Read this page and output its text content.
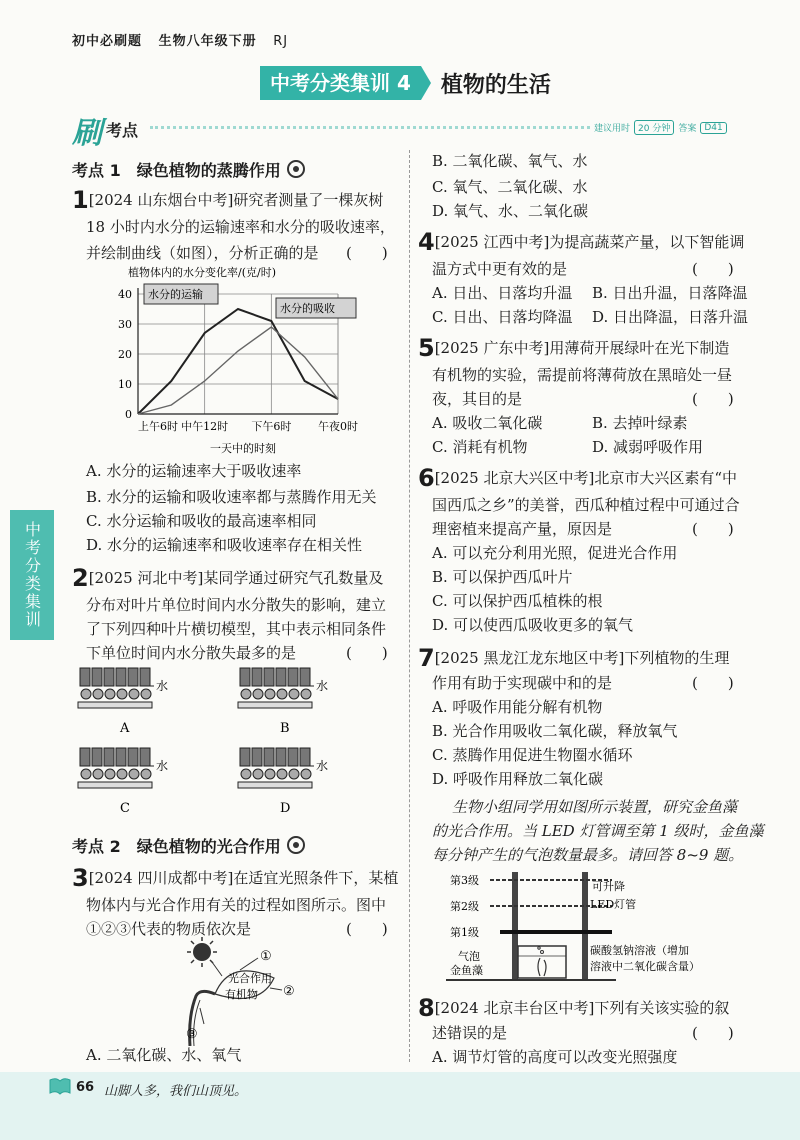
初中必刷题 生物八年级下册 RJ
中考分类集训 4	植物的生活
刷 考点	建议用时 20 分钟 答案 D41
中考分类集训
考点 1　绿色植物的蒸腾作用
1[2024 山东烟台中考]研究者测量了一棵灰树
18 小时内水分的运输速率和水分的吸收速率，
并绘制曲线（如图），分析正确的是 (　　)
植物体内的水分变化率/(克/时)
水分的运输
水分的吸收
0
10
20
30
40
上午6时 中午12时 下午6时 午夜0时
一天中的时刻
A. 水分的运输速率大于吸收速率
B. 水分的运输和吸收速率都与蒸腾作用无关
C. 水分运输和吸收的最高速率相同
D. 水分的运输速率和吸收速率存在相关性
2[2025 河北中考]某同学通过研究气孔数量及
分布对叶片单位时间内水分散失的影响，建立
了下列四种叶片横切模型，其中表示相同条件
下单位时间内水分散失最多的是	(　　)
水
A
水
B
水
C
水
D
考点 2　绿色植物的光合作用
3[2024 四川成都中考]在适宜光照条件下，某植
物体内与光合作用有关的过程如图所示。图中
①②③代表的物质依次是	(　　)
光合作用
有机物
①
②
③
A. 二氧化碳、水、氧气
B. 二氧化碳、氧气、水
C. 氧气、二氧化碳、水
D. 氧气、水、二氧化碳
4[2025 江西中考]为提高蔬菜产量，以下智能调
温方式中更有效的是	(　　)
A. 日出、日落均升温 B. 日出升温，日落降温
C. 日出、日落均降温 D. 日出降温，日落升温
5[2025 广东中考]用薄荷开展绿叶在光下制造
有机物的实验，需提前将薄荷放在黑暗处一昼
夜，其目的是	(　　)
A. 吸收二氧化碳	B. 去掉叶绿素
C. 消耗有机物	D. 减弱呼吸作用
6[2025 北京大兴区中考]北京市大兴区素有“中
国西瓜之乡”的美誉，西瓜种植过程中可通过合
理密植来提高产量，原因是	(　　)
A. 可以充分利用光照，促进光合作用
B. 可以保护西瓜叶片
C. 可以保护西瓜植株的根
D. 可以使西瓜吸收更多的氧气
7[2025 黑龙江龙东地区中考]下列植物的生理
作用有助于实现碳中和的是	(　　)
A. 呼吸作用能分解有机物
B. 光合作用吸收二氧化碳，释放氧气
C. 蒸腾作用促进生物圈水循环
D. 呼吸作用释放二氧化碳
生物小组同学用如图所示装置，研究金鱼藻
的光合作用。当 LED 灯管调至第 1 级时，金鱼藻
每分钟产生的气泡数量最多。请回答 8~9 题。
第3级
第2级
第1级
可升降
LED灯管
气泡
金鱼藻
碳酸氢钠溶液（增加
溶液中二氧化碳含量）
8[2024 北京丰台区中考]下列有关该实验的叙
述错误的是	(　　)
A. 调节灯管的高度可以改变光照强度
66 山脚人多，我们山顶见。
